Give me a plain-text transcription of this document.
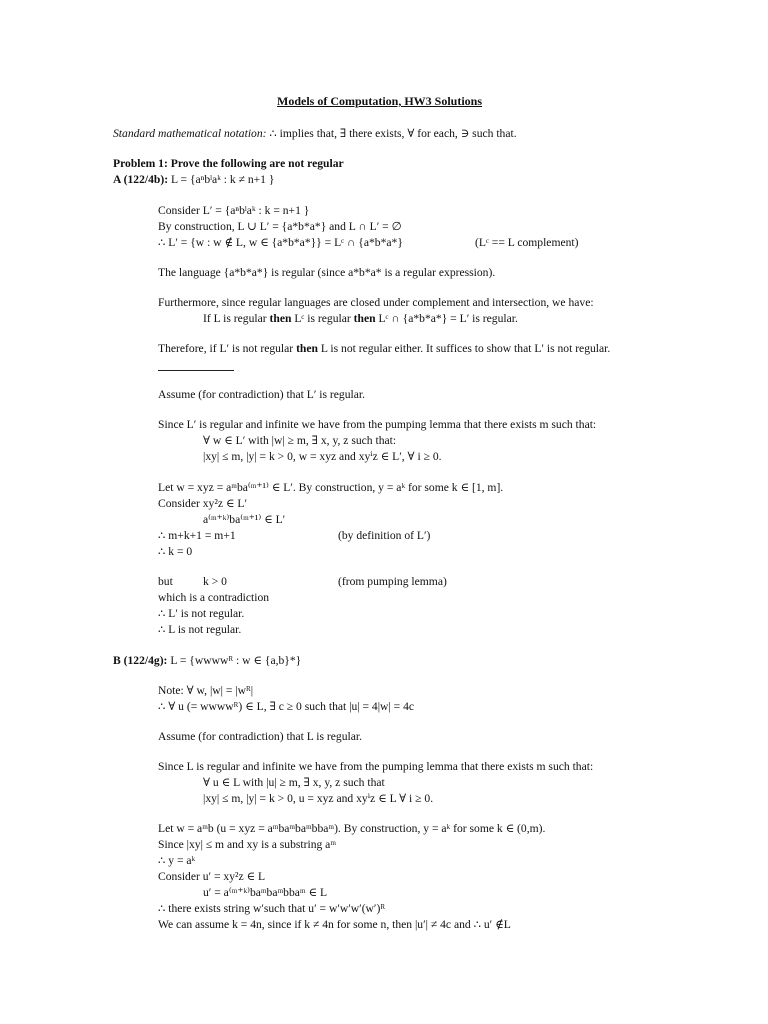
Models of Computation, HW3 Solutions
Standard mathematical notation: ∴ implies that, ∃ there exists, ∀ for each, ∋ such that.
Problem 1: Prove the following are not regular
A (122/4b): L = {aⁿbˡaᵏ : k ≠ n+1 }
Consider L′ = {aⁿbˡaᵏ : k = n+1 }
By construction, L ∪ L′ = {a*b*a*} and L ∩ L′ = ∅
∴ L′ = {w : w ∉ L, w ∈ {a*b*a*}} = Lᶜ ∩ {a*b*a*}	(Lᶜ == L complement)
The language {a*b*a*} is regular (since a*b*a* is a regular expression).
Furthermore, since regular languages are closed under complement and intersection, we have:
If L is regular then Lᶜ is regular then Lᶜ ∩ {a*b*a*} = L′ is regular.
Therefore, if L′ is not regular then L is not regular either. It suffices to show that L′ is not regular.
Assume (for contradiction) that L′ is regular.
Since L′ is regular and infinite we have from the pumping lemma that there exists m such that:
∀ w ∈ L′ with |w| ≥ m, ∃ x, y, z such that:
|xy| ≤ m, |y| = k > 0, w = xyz and xyⁱz ∈ L′, ∀ i ≥ 0.
Let w = xyz = aᵐba⁽ᵐ⁺¹⁾ ∈ L′. By construction, y = aᵏ for some k ∈ [1, m].
Consider xy²z ∈ L′
a⁽ᵐ⁺ᵏ⁾ba⁽ᵐ⁺¹⁾ ∈ L′
∴ m+k+1 = m+1	(by definition of L′)
∴ k = 0
but	k > 0	(from pumping lemma)
which is a contradiction
∴ L′ is not regular.
∴ L is not regular.
B (122/4g): L = {wwwwᴿ : w ∈ {a,b}*}
Note: ∀ w, |w| = |wᴿ|
∴ ∀ u (= wwwwᴿ) ∈ L, ∃ c ≥ 0 such that |u| = 4|w| = 4c
Assume (for contradiction) that L is regular.
Since L is regular and infinite we have from the pumping lemma that there exists m such that:
∀ u ∈ L with |u| ≥ m, ∃ x, y, z such that
|xy| ≤ m, |y| = k > 0, u = xyz and xyⁱz ∈ L ∀ i ≥ 0.
Let w = aᵐb (u = xyz = aᵐbaᵐbaᵐbbaᵐ). By construction, y = aᵏ for some k ∈ (0,m).
Since |xy| ≤ m and xy is a substring aᵐ
∴ y = aᵏ
Consider u′ = xy²z ∈ L
u′ = a⁽ᵐ⁺ᵏ⁾baᵐbaᵐbbaᵐ ∈ L
∴ there exists string w′such that u′ = w′w′w′(w′)ᴿ
We can assume k = 4n, since if k ≠ 4n for some n, then |u′| ≠ 4c and ∴ u′ ∉L
